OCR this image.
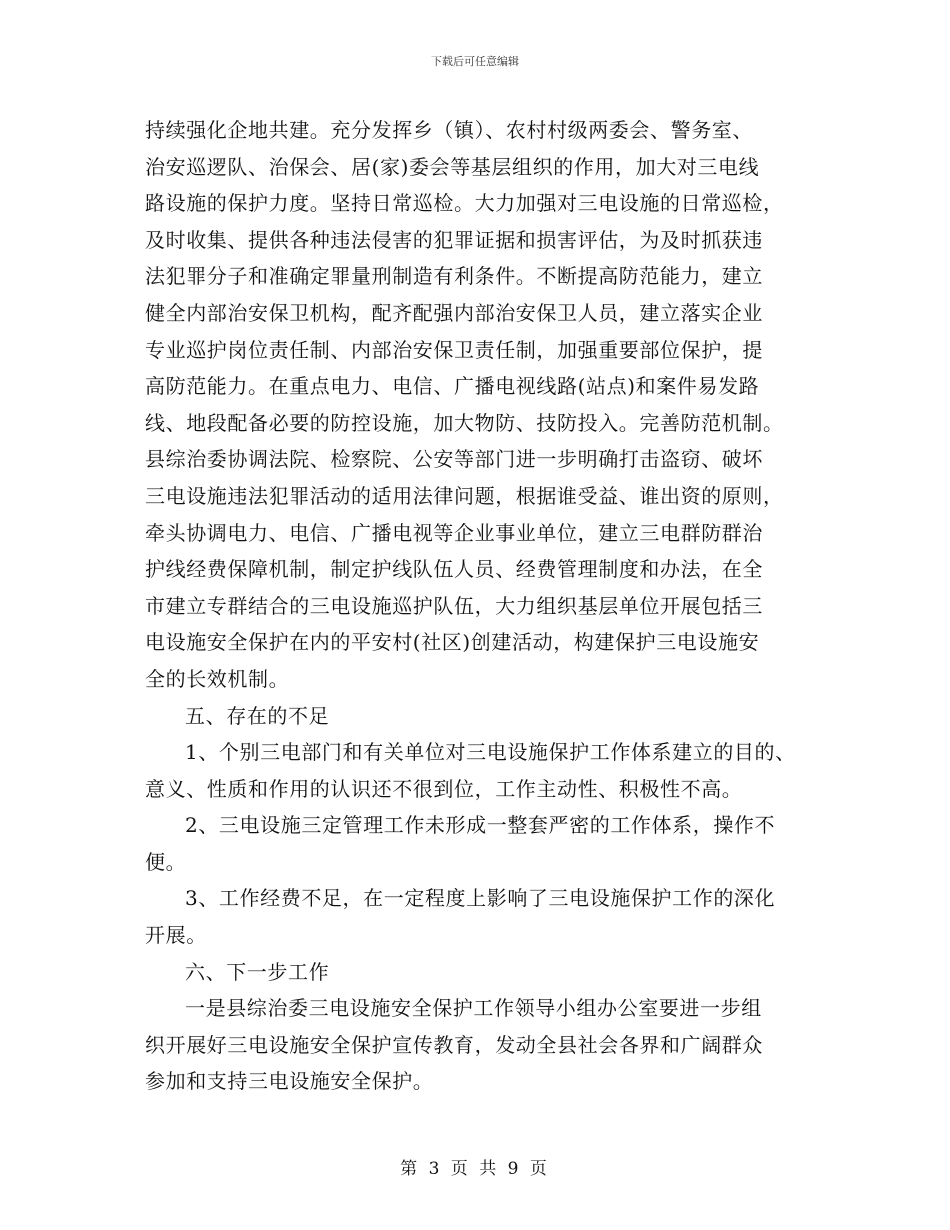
下载后可任意编辑
持续强化企地共建。充分发挥乡（镇）、农村村级两委会、警务室、
治安巡逻队、治保会、居(家)委会等基层组织的作用，加大对三电线
路设施的保护力度。坚持日常巡检。大力加强对三电设施的日常巡检，
及时收集、提供各种违法侵害的犯罪证据和损害评估，为及时抓获违
法犯罪分子和准确定罪量刑制造有利条件。不断提高防范能力，建立
健全内部治安保卫机构，配齐配强内部治安保卫人员，建立落实企业
专业巡护岗位责任制、内部治安保卫责任制，加强重要部位保护，提
高防范能力。在重点电力、电信、广播电视线路(站点)和案件易发路
线、地段配备必要的防控设施，加大物防、技防投入。完善防范机制。
县综治委协调法院、检察院、公安等部门进一步明确打击盗窃、破坏
三电设施违法犯罪活动的适用法律问题，根据谁受益、谁出资的原则，
牵头协调电力、电信、广播电视等企业事业单位，建立三电群防群治
护线经费保障机制，制定护线队伍人员、经费管理制度和办法，在全
市建立专群结合的三电设施巡护队伍，大力组织基层单位开展包括三
电设施安全保护在内的平安村(社区)创建活动，构建保护三电设施安
全的长效机制。
五、存在的不足
1、个别三电部门和有关单位对三电设施保护工作体系建立的目的、
意义、性质和作用的认识还不很到位，工作主动性、积极性不高。
2、三电设施三定管理工作未形成一整套严密的工作体系，操作不
便。
3、工作经费不足，在一定程度上影响了三电设施保护工作的深化
开展。
六、下一步工作
一是县综治委三电设施安全保护工作领导小组办公室要进一步组
织开展好三电设施安全保护宣传教育，发动全县社会各界和广阔群众
参加和支持三电设施安全保护。
第 3 页 共 9 页
